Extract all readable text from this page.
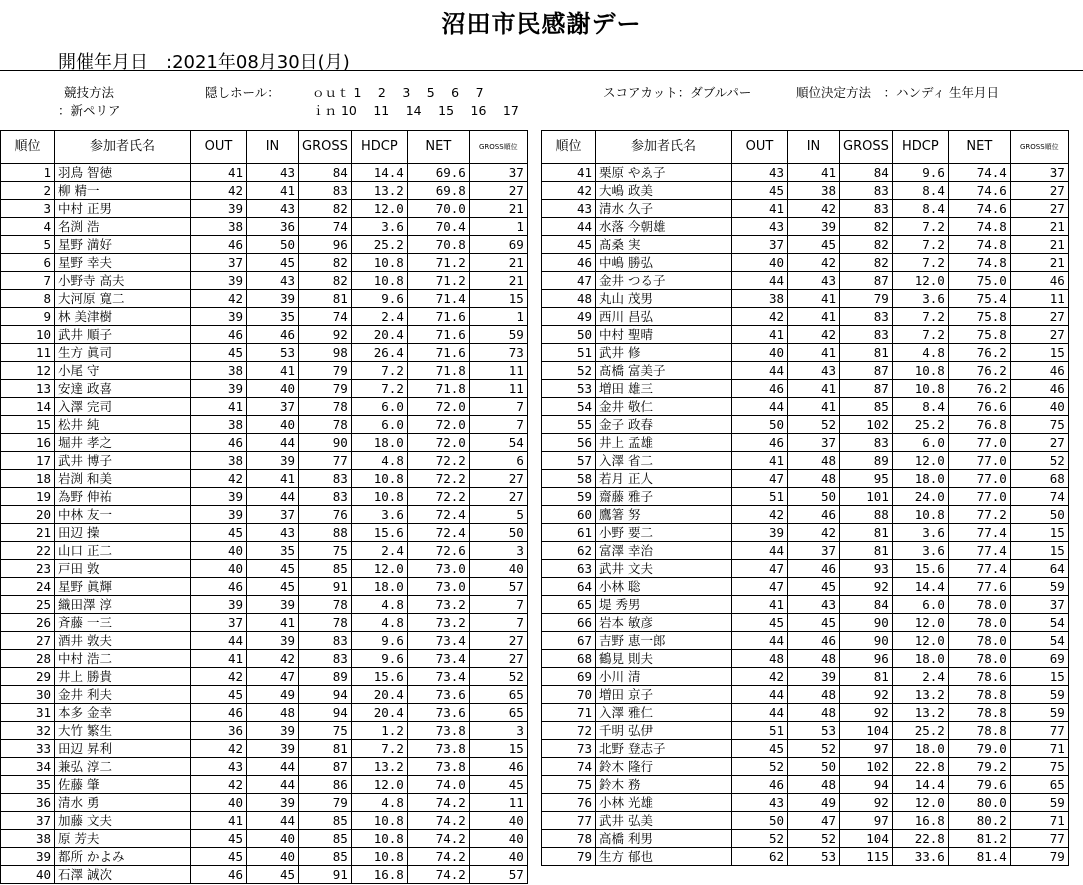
沼田市民感謝デー
開催年月日　:2021年08月30日(月)
競技方法
：新ペリア
隠しホール：	ｏｕｔ 1　 2 　3 　5 　6 　7
ｉｎ 10　 11 　14 　15 　16 　17
スコアカット：ダブルパー	順位決定方法　：ハンディ 生年月日
順位	参加者氏名	OUT	IN	GROSS	HDCP	NET	GROSS順位
1	羽鳥 智徳	41	43	84	14.4	69.6	37
2	柳 精一	42	41	83	13.2	69.8	27
3	中村 正男	39	43	82	12.0	70.0	21
4	名渕 浩	38	36	74	3.6	70.4	1
5	星野 満好	46	50	96	25.2	70.8	69
6	星野 幸夫	37	45	82	10.8	71.2	21
7	小野寺 高夫	39	43	82	10.8	71.2	21
8	大河原 寛二	42	39	81	9.6	71.4	15
9	林 美津樹	39	35	74	2.4	71.6	1
10	武井 順子	46	46	92	20.4	71.6	59
11	生方 眞司	45	53	98	26.4	71.6	73
12	小尾 守	38	41	79	7.2	71.8	11
13	安達 政喜	39	40	79	7.2	71.8	11
14	入澤 完司	41	37	78	6.0	72.0	7
15	松井 純	38	40	78	6.0	72.0	7
16	堀井 孝之	46	44	90	18.0	72.0	54
17	武井 博子	38	39	77	4.8	72.2	6
18	岩渕 和美	42	41	83	10.8	72.2	27
19	為野 伸祐	39	44	83	10.8	72.2	27
20	中林 友一	39	37	76	3.6	72.4	5
21	田辺 操	45	43	88	15.6	72.4	50
22	山口 正二	40	35	75	2.4	72.6	3
23	戸田 敦	40	45	85	12.0	73.0	40
24	星野 眞輝	46	45	91	18.0	73.0	57
25	織田澤 淳	39	39	78	4.8	73.2	7
26	斉藤 一三	37	41	78	4.8	73.2	7
27	酒井 敦夫	44	39	83	9.6	73.4	27
28	中村 浩二	41	42	83	9.6	73.4	27
29	井上 勝貴	42	47	89	15.6	73.4	52
30	金井 利夫	45	49	94	20.4	73.6	65
31	本多 金幸	46	48	94	20.4	73.6	65
32	大竹 繁生	36	39	75	1.2	73.8	3
33	田辺 昇利	42	39	81	7.2	73.8	15
34	兼弘 淳二	43	44	87	13.2	73.8	46
35	佐藤 肇	42	44	86	12.0	74.0	45
36	清水 勇	40	39	79	4.8	74.2	11
37	加藤 文夫	41	44	85	10.8	74.2	40
38	原 芳夫	45	40	85	10.8	74.2	40
39	都所 かよみ	45	40	85	10.8	74.2	40
40	石澤 誠次	46	45	91	16.8	74.2	57
順位	参加者氏名	OUT	IN	GROSS	HDCP	NET	GROSS順位
41	栗原 やゑ子	43	41	84	9.6	74.4	37
42	大嶋 政美	45	38	83	8.4	74.6	27
43	清水 久子	41	42	83	8.4	74.6	27
44	水落 今朝雄	43	39	82	7.2	74.8	21
45	髙桑 実	37	45	82	7.2	74.8	21
46	中嶋 勝弘	40	42	82	7.2	74.8	21
47	金井 つる子	44	43	87	12.0	75.0	46
48	丸山 茂男	38	41	79	3.6	75.4	11
49	西川 昌弘	42	41	83	7.2	75.8	27
50	中村 聖晴	41	42	83	7.2	75.8	27
51	武井 修	40	41	81	4.8	76.2	15
52	髙橋 富美子	44	43	87	10.8	76.2	46
53	増田 雄三	46	41	87	10.8	76.2	46
54	金井 敬仁	44	41	85	8.4	76.6	40
55	金子 政春	50	52	102	25.2	76.8	75
56	井上 孟雄	46	37	83	6.0	77.0	27
57	入澤 省二	41	48	89	12.0	77.0	52
58	若月 正人	47	48	95	18.0	77.0	68
59	齋藤 雅子	51	50	101	24.0	77.0	74
60	鷹箸 努	42	46	88	10.8	77.2	50
61	小野 要二	39	42	81	3.6	77.4	15
62	富澤 幸治	44	37	81	3.6	77.4	15
63	武井 文夫	47	46	93	15.6	77.4	64
64	小林 聡	47	45	92	14.4	77.6	59
65	堤 秀男	41	43	84	6.0	78.0	37
66	岩本 敏彦	45	45	90	12.0	78.0	54
67	吉野 恵一郎	44	46	90	12.0	78.0	54
68	鶴見 則夫	48	48	96	18.0	78.0	69
69	小川 清	42	39	81	2.4	78.6	15
70	増田 京子	44	48	92	13.2	78.8	59
71	入澤 雅仁	44	48	92	13.2	78.8	59
72	千明 弘伊	51	53	104	25.2	78.8	77
73	北野 登志子	45	52	97	18.0	79.0	71
74	鈴木 隆行	52	50	102	22.8	79.2	75
75	鈴木 務	46	48	94	14.4	79.6	65
76	小林 光雄	43	49	92	12.0	80.0	59
77	武井 弘美	50	47	97	16.8	80.2	71
78	高橋 利男	52	52	104	22.8	81.2	77
79	生方 郁也	62	53	115	33.6	81.4	79
